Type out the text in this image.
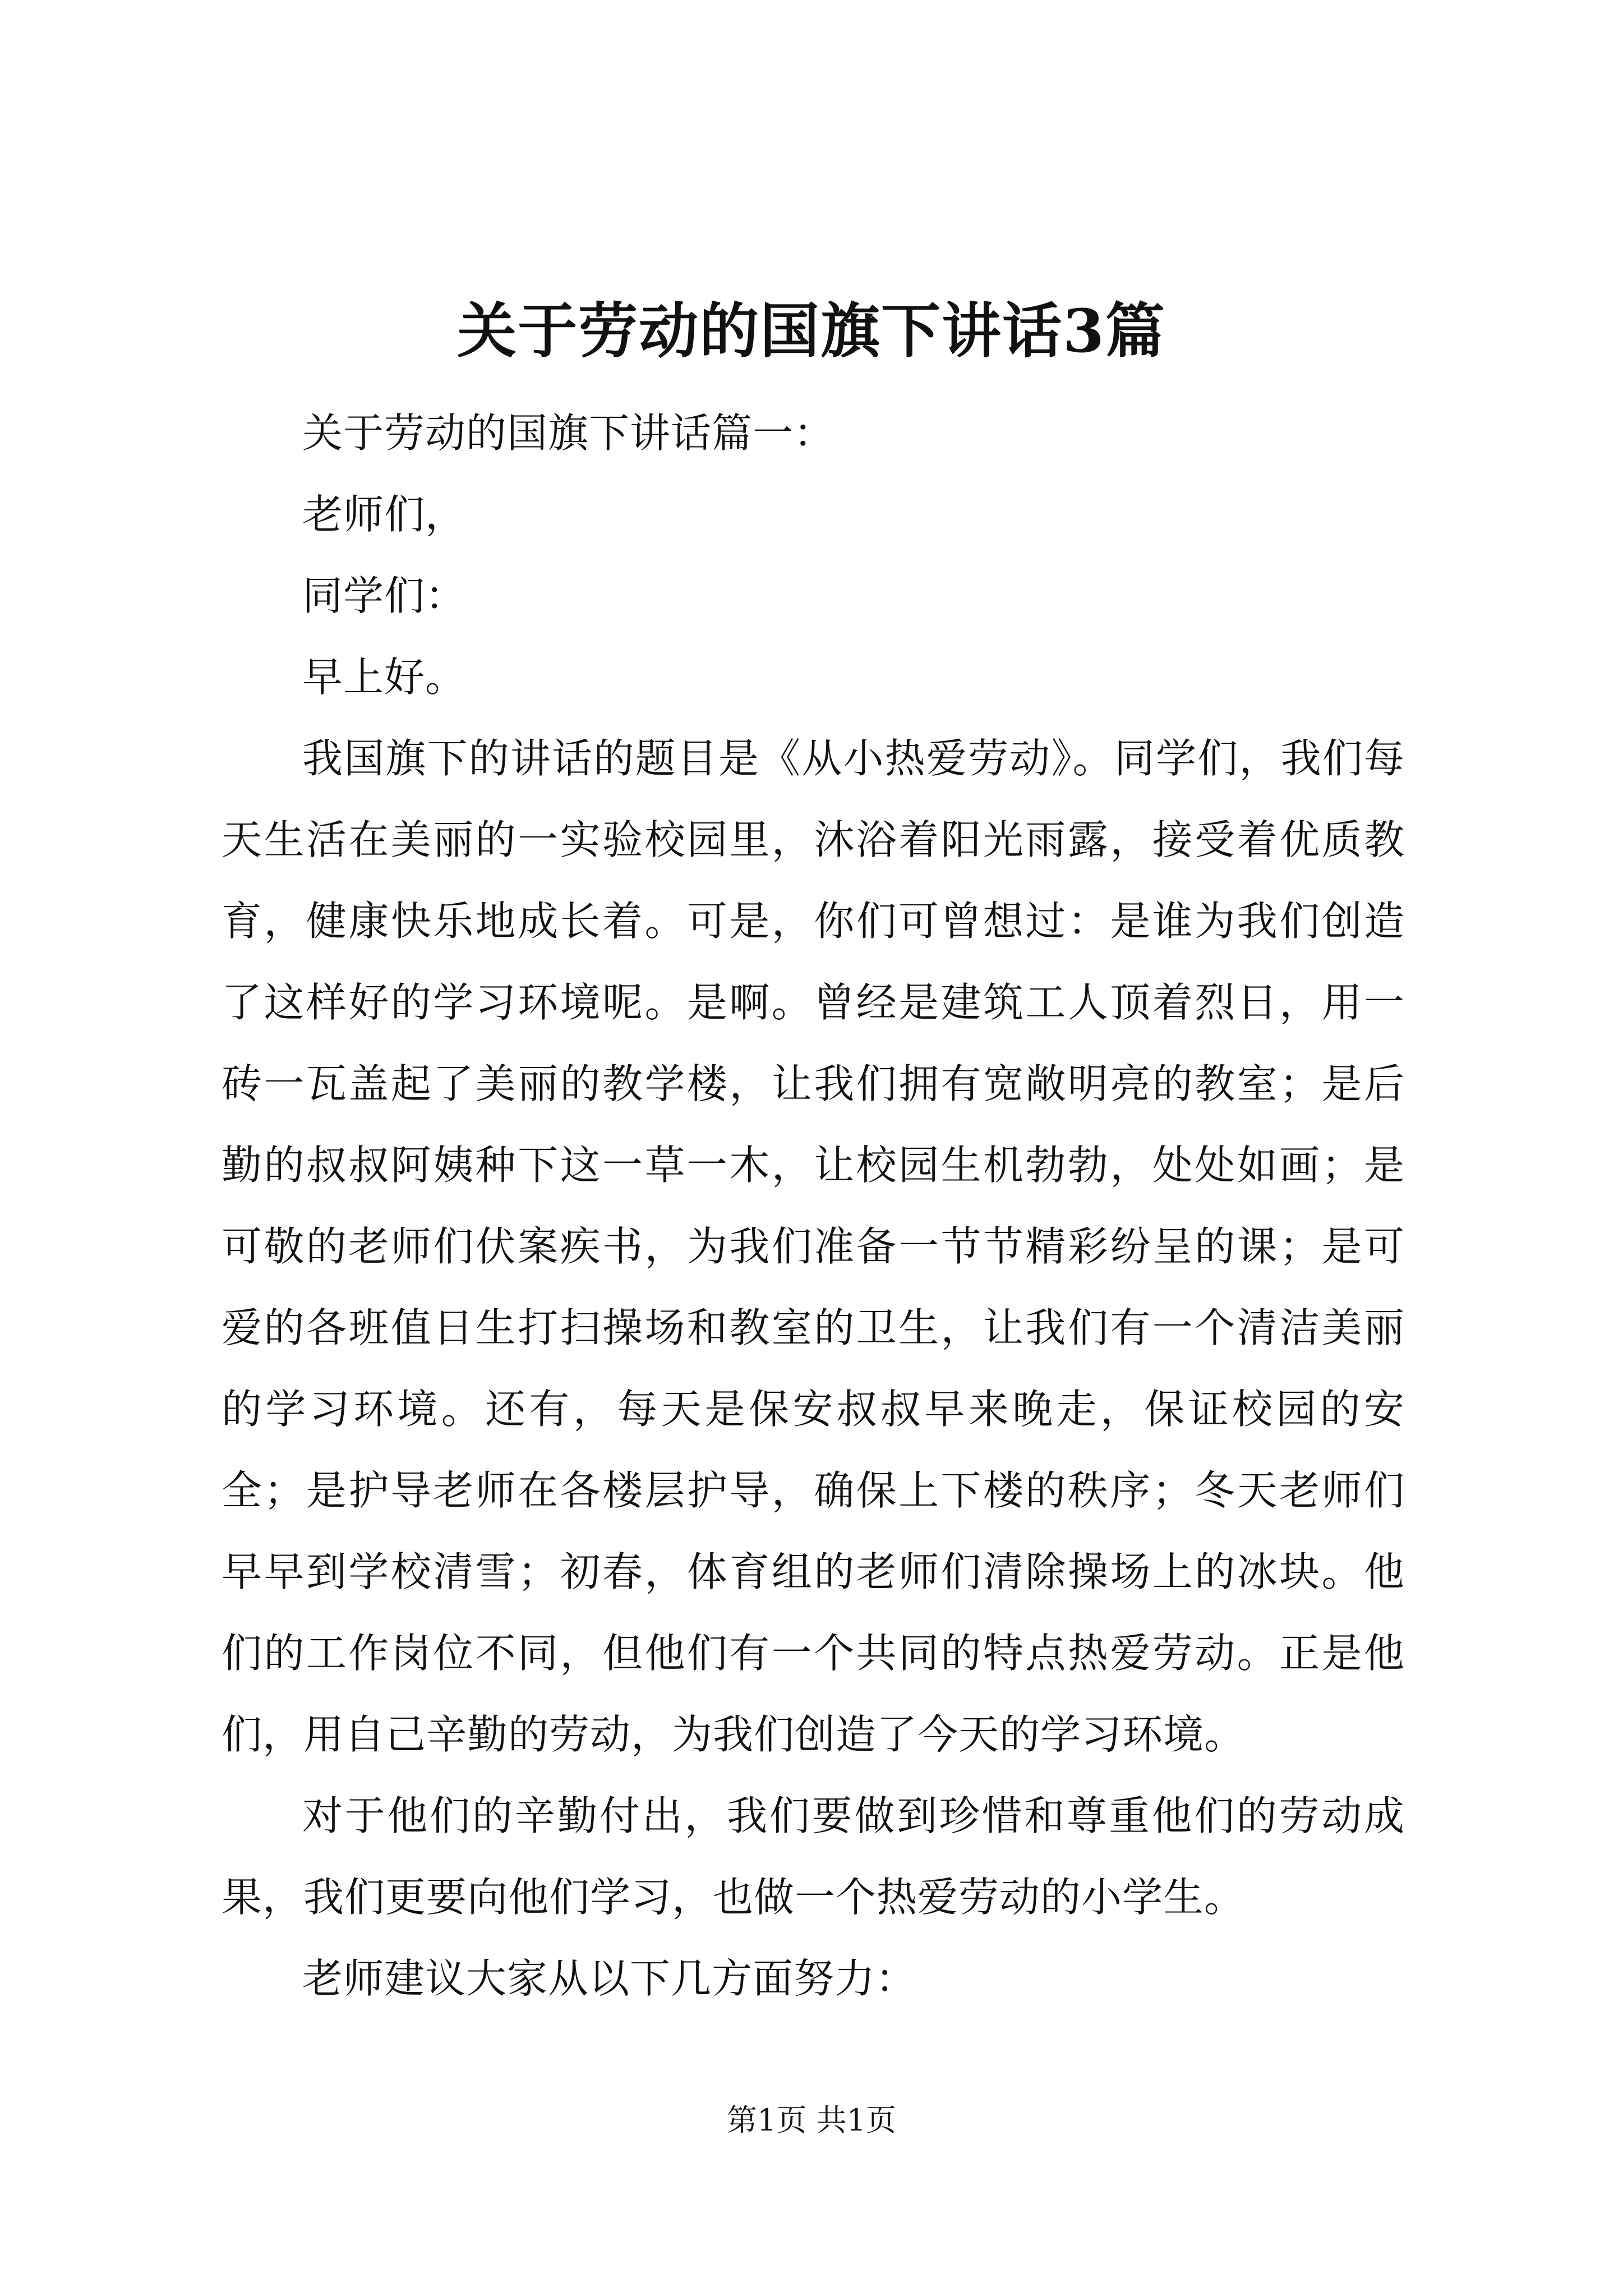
关于劳动的国旗下讲话3篇

关于劳动的国旗下讲话篇一：

老师们，

同学们：

早上好。

我国旗下的讲话的题目是《从小热爱劳动》。同学们，我们每天生活在美丽的一实验校园里，沐浴着阳光雨露，接受着优质教育，健康快乐地成长着。可是，你们可曾想过：是谁为我们创造了这样好的学习环境呢。是啊。曾经是建筑工人顶着烈日，用一砖一瓦盖起了美丽的教学楼，让我们拥有宽敞明亮的教室；是后勤的叔叔阿姨种下这一草一木，让校园生机勃勃，处处如画；是可敬的老师们伏案疾书，为我们准备一节节精彩纷呈的课；是可爱的各班值日生打扫操场和教室的卫生，让我们有一个清洁美丽的学习环境。还有，每天是保安叔叔早来晚走，保证校园的安全；是护导老师在各楼层护导，确保上下楼的秩序；冬天老师们早早到学校清雪；初春，体育组的老师们清除操场上的冰块。他们的工作岗位不同，但他们有一个共同的特点热爱劳动。正是他们，用自己辛勤的劳动，为我们创造了今天的学习环境。

对于他们的辛勤付出，我们要做到珍惜和尊重他们的劳动成果，我们更要向他们学习，也做一个热爱劳动的小学生。

老师建议大家从以下几方面努力：

第1页 共1页
